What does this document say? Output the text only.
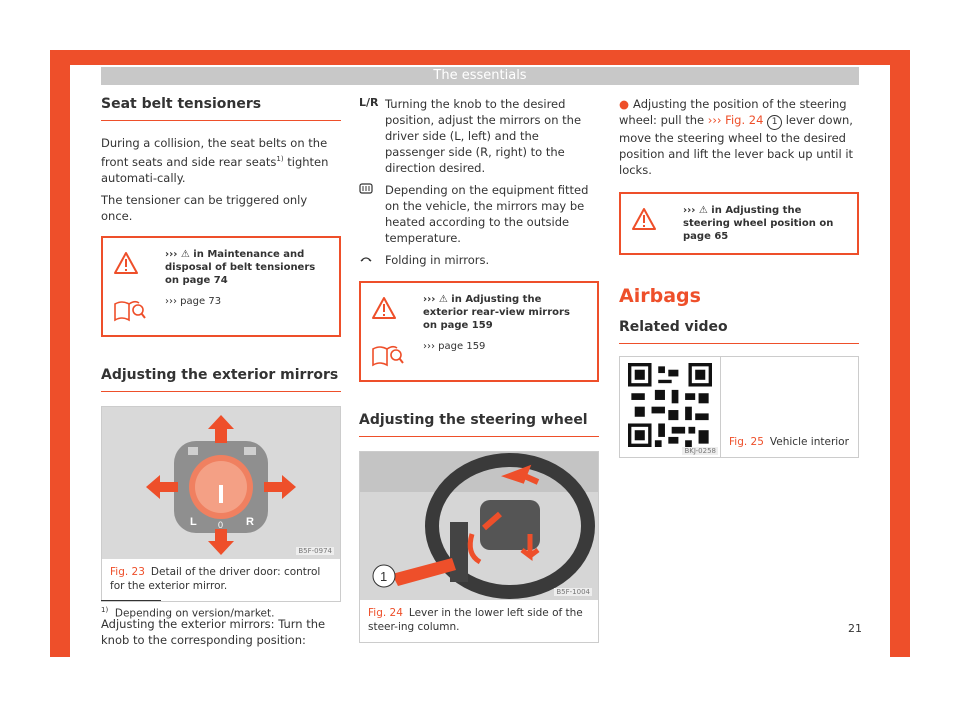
The essentials
Seat belt tensioners

During a collision, the seat belts on the front seats and side rear seats$^{1)}$ tighten automati-cally.

The tensioner can be triggered only once.

››› ⚠ in Maintenance and disposal of belt tensioners on page 74
››› page 73
Adjusting the exterior mirrors
L 0 R
B5F-0974
Fig. 23 Detail of the driver door: control for the exterior mirror.

Adjusting the exterior mirrors: Turn the knob to the corresponding position:

L/R Turning the knob to the desired position, adjust the mirrors on the driver side (L, left) and the passenger side (R, right) to the direction desired.
Depending on the equipment fitted on the vehicle, the mirrors may be heated according to the outside temperature.
Folding in mirrors.
››› ⚠ in Adjusting the exterior rear-view mirrors on page 159
››› page 159
Adjusting the steering wheel
1
B5F-1004
Fig. 24 Lever in the lower left side of the steer-ing column.

● Adjusting the position of the steering wheel: pull the ››› Fig. 24 1 lever down, move the steering wheel to the desired position and lift the lever back up until it locks.

››› ⚠ in Adjusting the steering wheel position on page 65
Airbags
Related video
BKJ-0258
Fig. 25 Vehicle interior
$^{1)}$ Depending on version/market.
21
